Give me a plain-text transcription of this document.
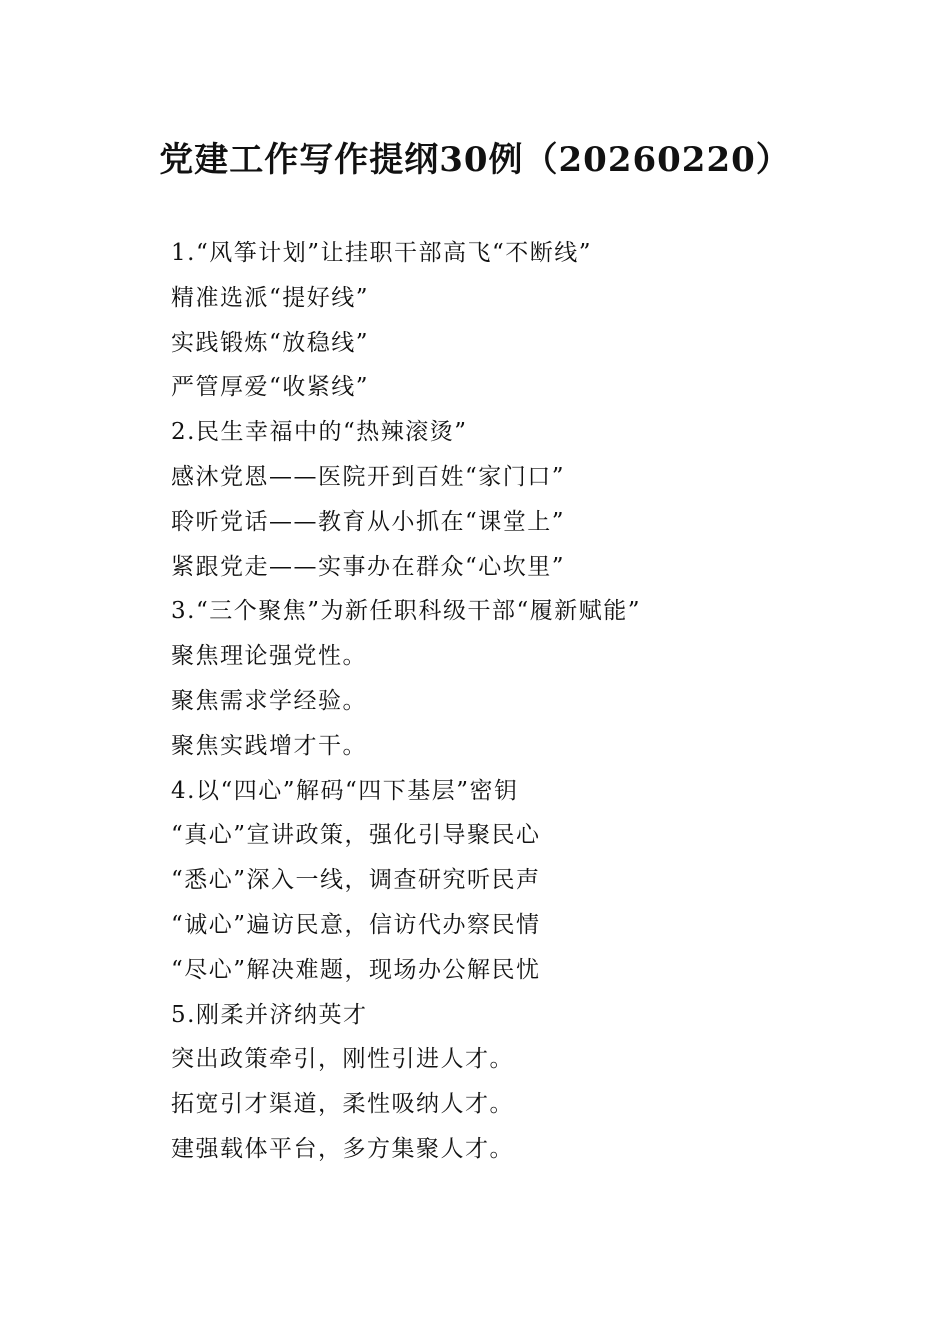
党建工作写作提纲30例（20260220）
1.“风筝计划”让挂职干部高飞“不断线”
精准选派“提好线”
实践锻炼“放稳线”
严管厚爱“收紧线”
2.民生幸福中的“热辣滚烫”
感沐党恩——医院开到百姓“家门口”
聆听党话——教育从小抓在“课堂上”
紧跟党走——实事办在群众“心坎里”
3.“三个聚焦”为新任职科级干部“履新赋能”
聚焦理论强党性。
聚焦需求学经验。
聚焦实践增才干。
4.以“四心”解码“四下基层”密钥
“真心”宣讲政策，强化引导聚民心
“悉心”深入一线，调查研究听民声
“诚心”遍访民意，信访代办察民情
“尽心”解决难题，现场办公解民忧
5.刚柔并济纳英才
突出政策牵引，刚性引进人才。
拓宽引才渠道，柔性吸纳人才。
建强载体平台，多方集聚人才。
